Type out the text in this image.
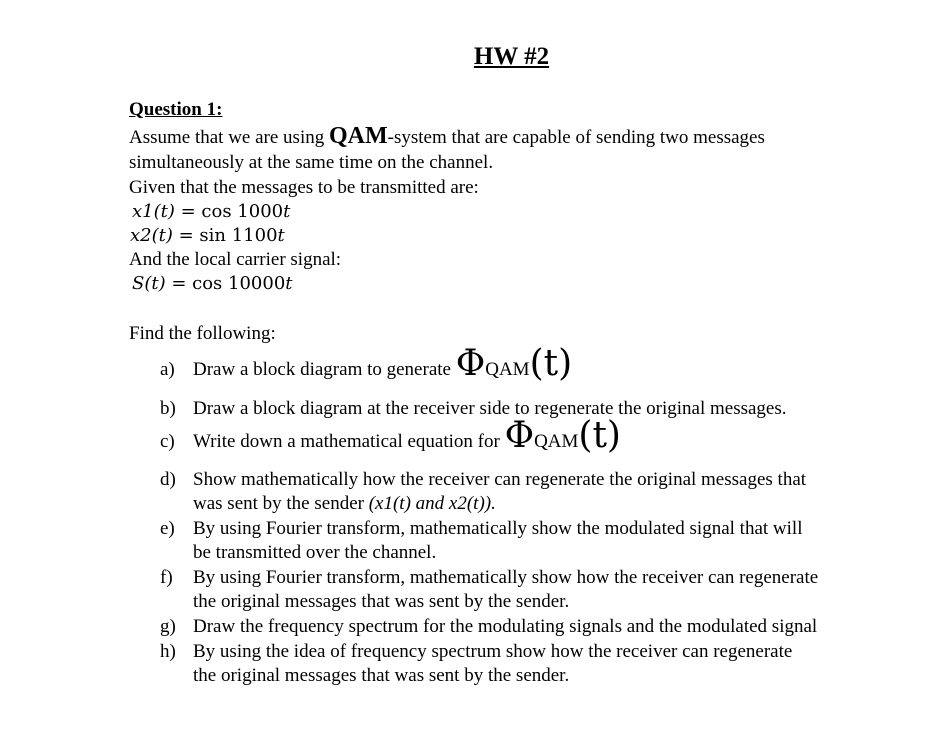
HW #2
Question 1:
Assume that we are using QAM-system that are capable of sending two messages
simultaneously at the same time on the channel.
Given that the messages to be transmitted are:
x1(t) = cos 1000t
x2(t) = sin 1100t
And the local carrier signal:
S(t) = cos 10000t
Find the following:
a) Draw a block diagram to generate ΦQAM(t)
b) Draw a block diagram at the receiver side to regenerate the original messages.
c) Write down a mathematical equation for ΦQAM(t)
d) Show mathematically how the receiver can regenerate the original messages that
was sent by the sender (x1(t) and x2(t)).
e) By using Fourier transform, mathematically show the modulated signal that will
be transmitted over the channel.
f) By using Fourier transform, mathematically show how the receiver can regenerate
the original messages that was sent by the sender.
g) Draw the frequency spectrum for the modulating signals and the modulated signal
h) By using the idea of frequency spectrum show how the receiver can regenerate
the original messages that was sent by the sender.
